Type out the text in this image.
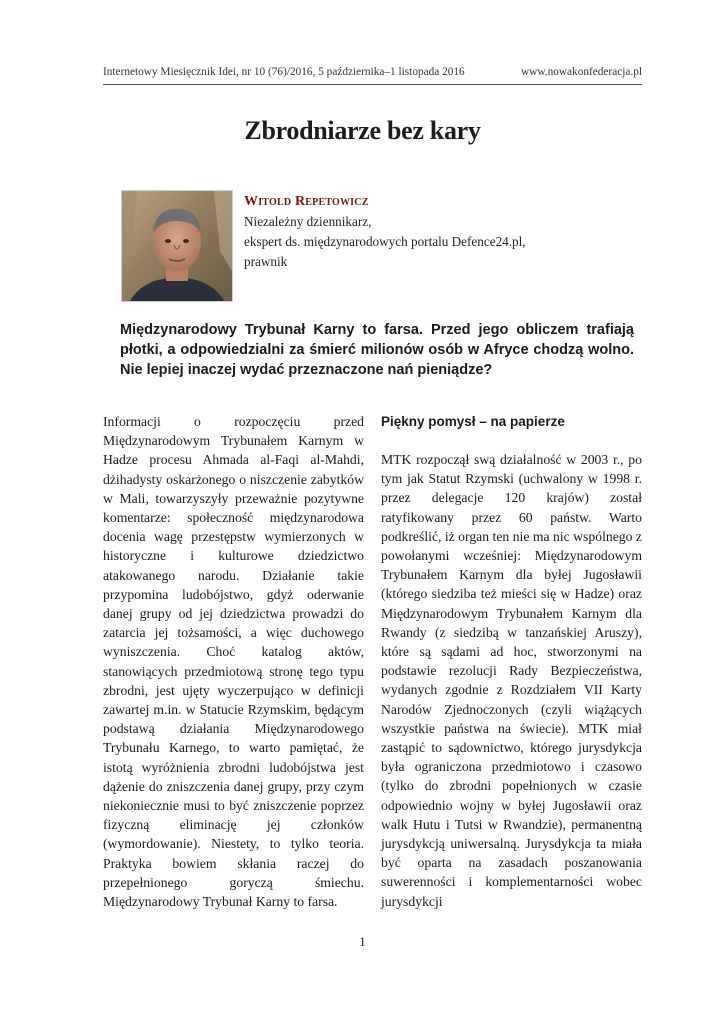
Internetowy Miesięcznik Idei, nr 10 (76)/2016, 5 października–1 listopada 2016	www.nowakonfederacja.pl
Zbrodniarze bez kary
Witold Repetowicz
Niezależny dziennikarz,
ekspert ds. międzynarodowych portalu Defence24.pl,
prawnik

Międzynarodowy Trybunał Karny to farsa. Przed jego obliczem trafiają płotki, a odpowiedzialni za śmierć milionów osób w Afryce chodzą wolno. Nie lepiej inaczej wydać przeznaczone nań pieniądze?

Informacji o rozpoczęciu przed Międzynarodowym Trybunałem Karnym w Hadze procesu Ahmada al-Faqi al-Mahdi, dżihadysty oskarżonego o niszczenie zabytków w Mali, towarzyszyły przeważnie pozytywne komentarze: społeczność międzynarodowa docenia wagę przestępstw wymierzonych w historyczne i kulturowe dziedzictwo atakowanego narodu. Działanie takie przypomina ludobójstwo, gdyż oderwanie danej grupy od jej dziedzictwa prowadzi do zatarcia jej tożsamości, a więc duchowego wyniszczenia. Choć katalog aktów, stanowiących przedmiotową stronę tego typu zbrodni, jest ujęty wyczerpująco w definicji zawartej m.in. w Statucie Rzymskim, będącym podstawą działania Międzynarodowego Trybunału Karnego, to warto pamiętać, że istotą wyróżnienia zbrodni ludobójstwa jest dążenie do zniszczenia danej grupy, przy czym niekoniecznie musi to być zniszczenie poprzez fizyczną eliminację jej członków (wymordowanie). Niestety, to tylko teoria. Praktyka bowiem skłania raczej do przepełnionego goryczą śmiechu. Międzynarodowy Trybunał Karny to farsa.

Piękny pomysł – na papierze

MTK rozpoczął swą działalność w 2003 r., po tym jak Statut Rzymski (uchwalony w 1998 r. przez delegacje 120 krajów) został ratyfikowany przez 60 państw. Warto podkreślić, iż organ ten nie ma nic wspólnego z powołanymi wcześniej: Międzynarodowym Trybunałem Karnym dla byłej Jugosławii (którego siedziba też mieści się w Hadze) oraz Międzynarodowym Trybunałem Karnym dla Rwandy (z siedzibą w tanzańskiej Aruszy), które są sądami ad hoc, stworzonymi na podstawie rezolucji Rady Bezpieczeństwa, wydanych zgodnie z Rozdziałem VII Karty Narodów Zjednoczonych (czyli wiążących wszystkie państwa na świecie). MTK miał zastąpić to sądownictwo, którego jurysdykcja była ograniczona przedmiotowo i czasowo (tylko do zbrodni popełnionych w czasie odpowiednio wojny w byłej Jugosławii oraz walk Hutu i Tutsi w Rwandzie), permanentną jurysdykcją uniwersalną. Jurysdykcja ta miała być oparta na zasadach poszanowania suwerenności i komplementarności wobec jurysdykcji

1
